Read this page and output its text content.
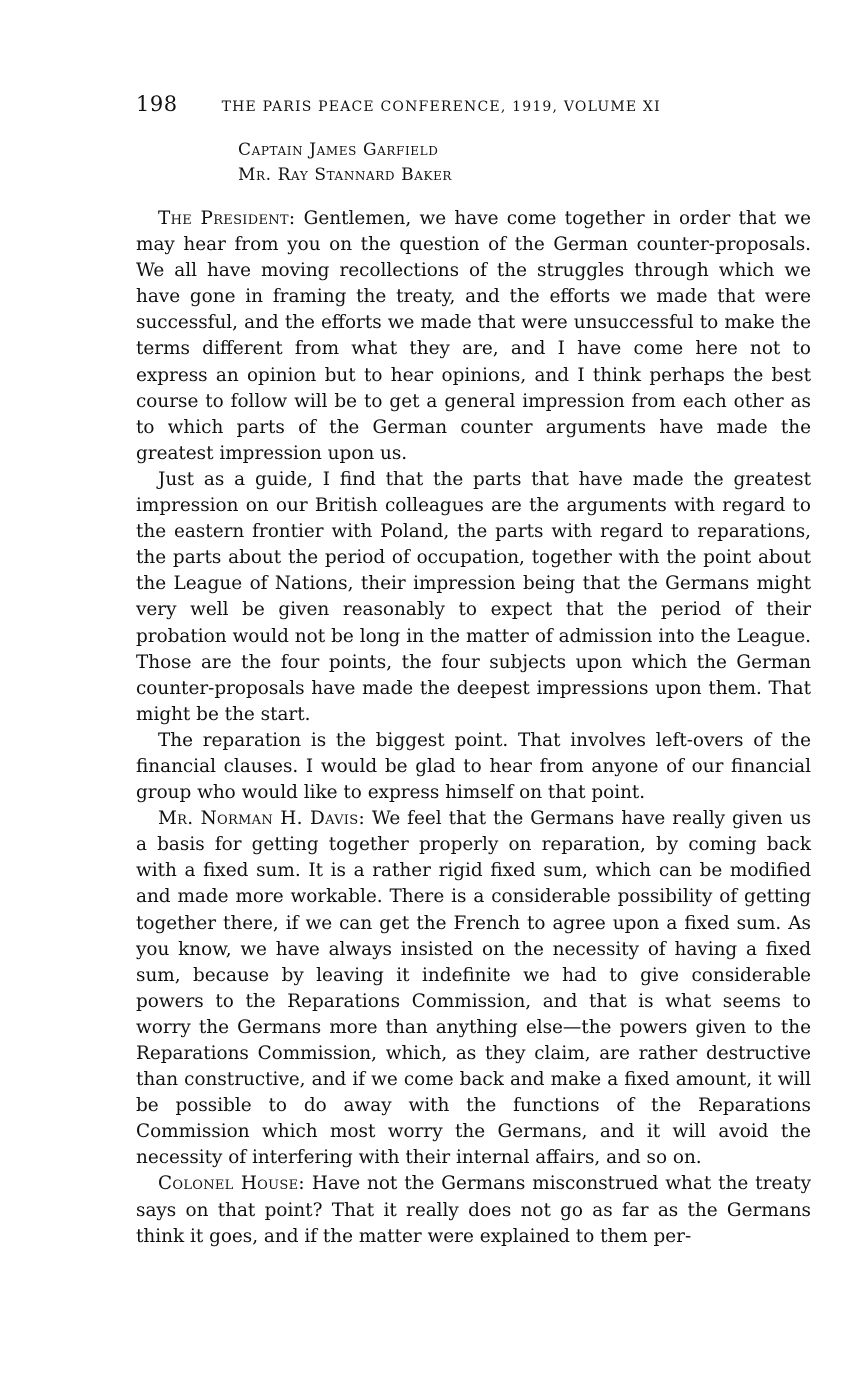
198	THE PARIS PEACE CONFERENCE, 1919, VOLUME XI
Captain James Garfield
Mr. Ray Stannard Baker

The President: Gentlemen, we have come together in order that we may hear from you on the question of the German counter-proposals. We all have moving recollections of the struggles through which we have gone in framing the treaty, and the efforts we made that were successful, and the efforts we made that were unsuccessful to make the terms different from what they are, and I have come here not to express an opinion but to hear opinions, and I think perhaps the best course to follow will be to get a general impression from each other as to which parts of the German counter arguments have made the greatest impression upon us.

Just as a guide, I find that the parts that have made the greatest impression on our British colleagues are the arguments with regard to the eastern frontier with Poland, the parts with regard to reparations, the parts about the period of occupation, together with the point about the League of Nations, their impression being that the Germans might very well be given reasonably to expect that the period of their probation would not be long in the matter of admission into the League. Those are the four points, the four subjects upon which the German counter-proposals have made the deepest impressions upon them. That might be the start.

The reparation is the biggest point. That involves left-overs of the financial clauses. I would be glad to hear from anyone of our financial group who would like to express himself on that point.

Mr. Norman H. Davis: We feel that the Germans have really given us a basis for getting together properly on reparation, by coming back with a fixed sum. It is a rather rigid fixed sum, which can be modified and made more workable. There is a considerable possibility of getting together there, if we can get the French to agree upon a fixed sum. As you know, we have always insisted on the necessity of having a fixed sum, because by leaving it indefinite we had to give considerable powers to the Reparations Commission, and that is what seems to worry the Germans more than anything else—the powers given to the Reparations Commission, which, as they claim, are rather destructive than constructive, and if we come back and make a fixed amount, it will be possible to do away with the functions of the Reparations Commission which most worry the Germans, and it will avoid the necessity of interfering with their internal affairs, and so on.

Colonel House: Have not the Germans misconstrued what the treaty says on that point? That it really does not go as far as the Germans think it goes, and if the matter were explained to them per-
